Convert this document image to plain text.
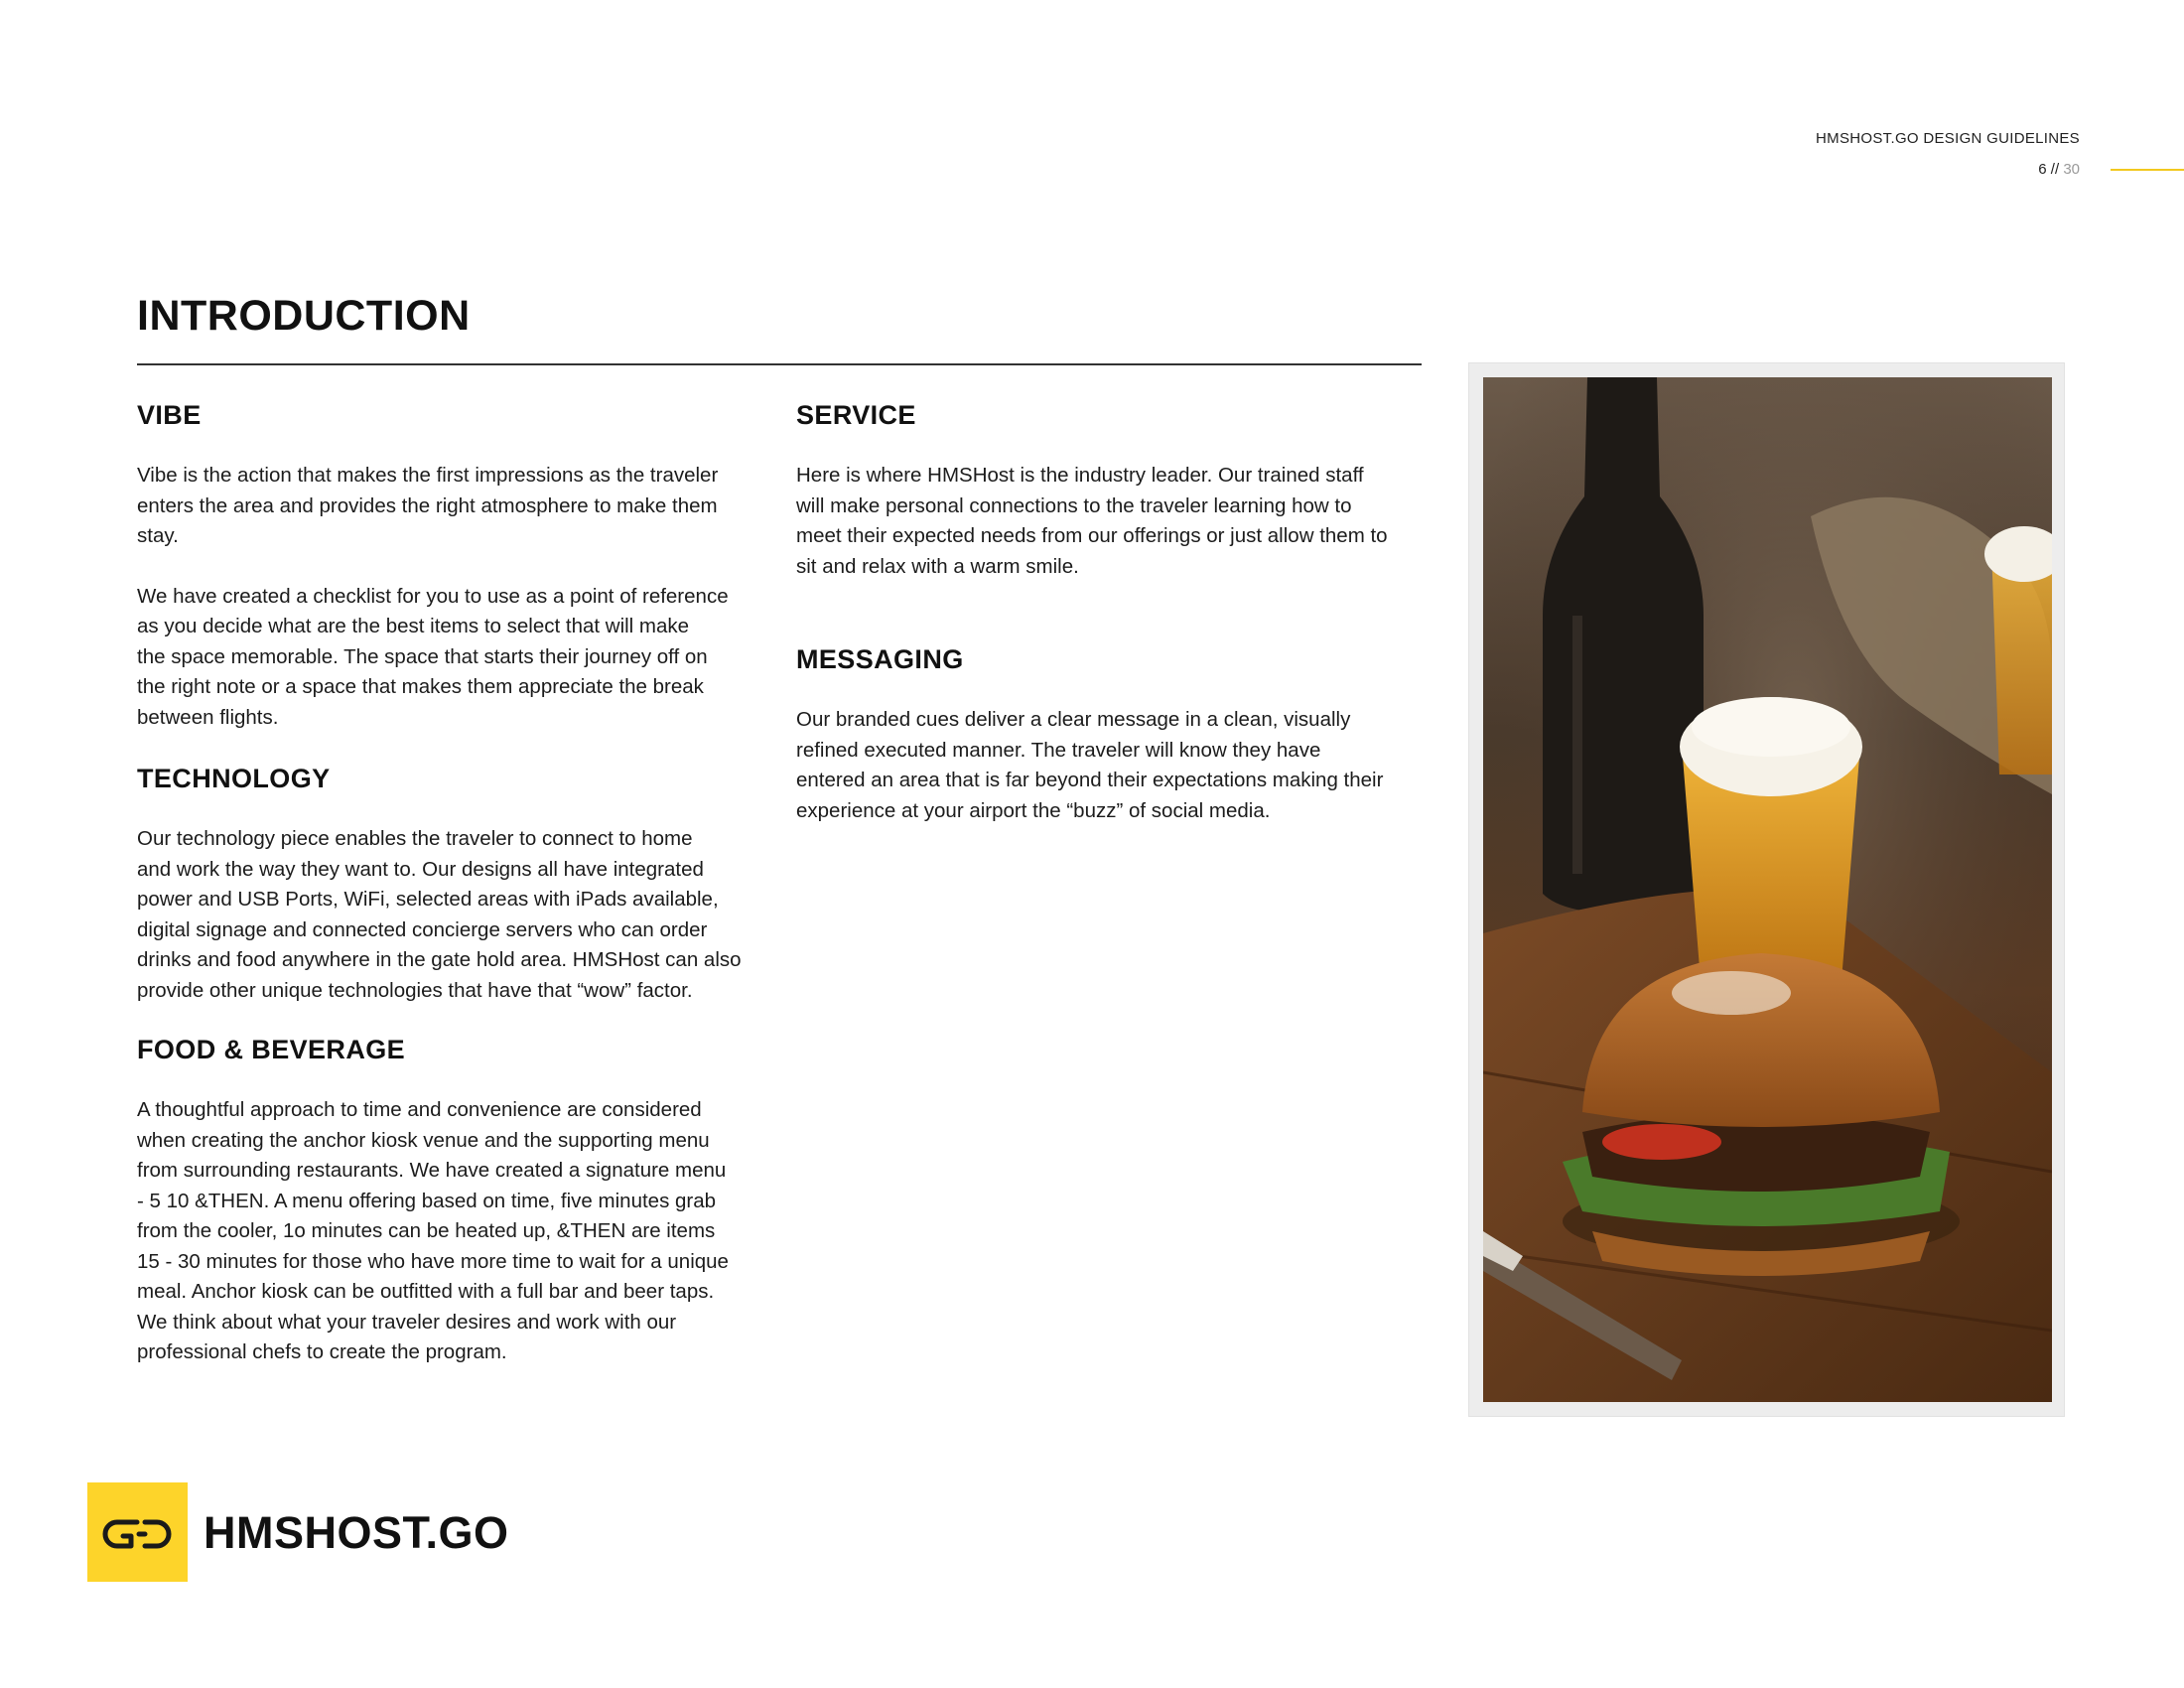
HMSHOST.GO DESIGN GUIDELINES
6 // 30
INTRODUCTION
VIBE
Vibe is the action that makes the first impressions as the traveler
enters the area and provides the right atmosphere to make them
stay.
We have created a checklist for you to use as a point of reference
as you decide what are the best items to select that will make
the space memorable. The space that starts their journey off on
the right note or a space that makes them appreciate the break
between flights.
TECHNOLOGY
Our technology piece enables the traveler to connect to home
and work the way they want to. Our designs all have integrated
power and USB Ports, WiFi, selected areas with iPads available,
digital signage and connected concierge servers who can order
drinks and food anywhere in the gate hold area. HMSHost can also
provide other unique technologies that have that “wow” factor.
FOOD & BEVERAGE
A thoughtful approach to time and convenience are considered
when creating the anchor kiosk venue and the supporting menu
from surrounding restaurants. We have created a signature menu
- 5 10 &THEN. A menu offering based on time, five minutes grab
from the cooler, 1o minutes can be heated up, &THEN are items
15 - 30 minutes for those who have more time to wait for a unique
meal. Anchor kiosk can be outfitted with a full bar and beer taps.
We think about what your traveler desires and work with our
professional chefs to create the program.
SERVICE
Here is where HMSHost is the industry leader. Our trained staff
will make personal connections to the traveler learning how to
meet their expected needs from our offerings or just allow them to
sit and relax with a warm smile.
MESSAGING
Our branded cues deliver a clear message in a clean, visually
refined executed manner. The traveler will know they have
entered an area that is far beyond their expectations making their
experience at your airport the “buzz” of social media.
HMSHOST.GO
